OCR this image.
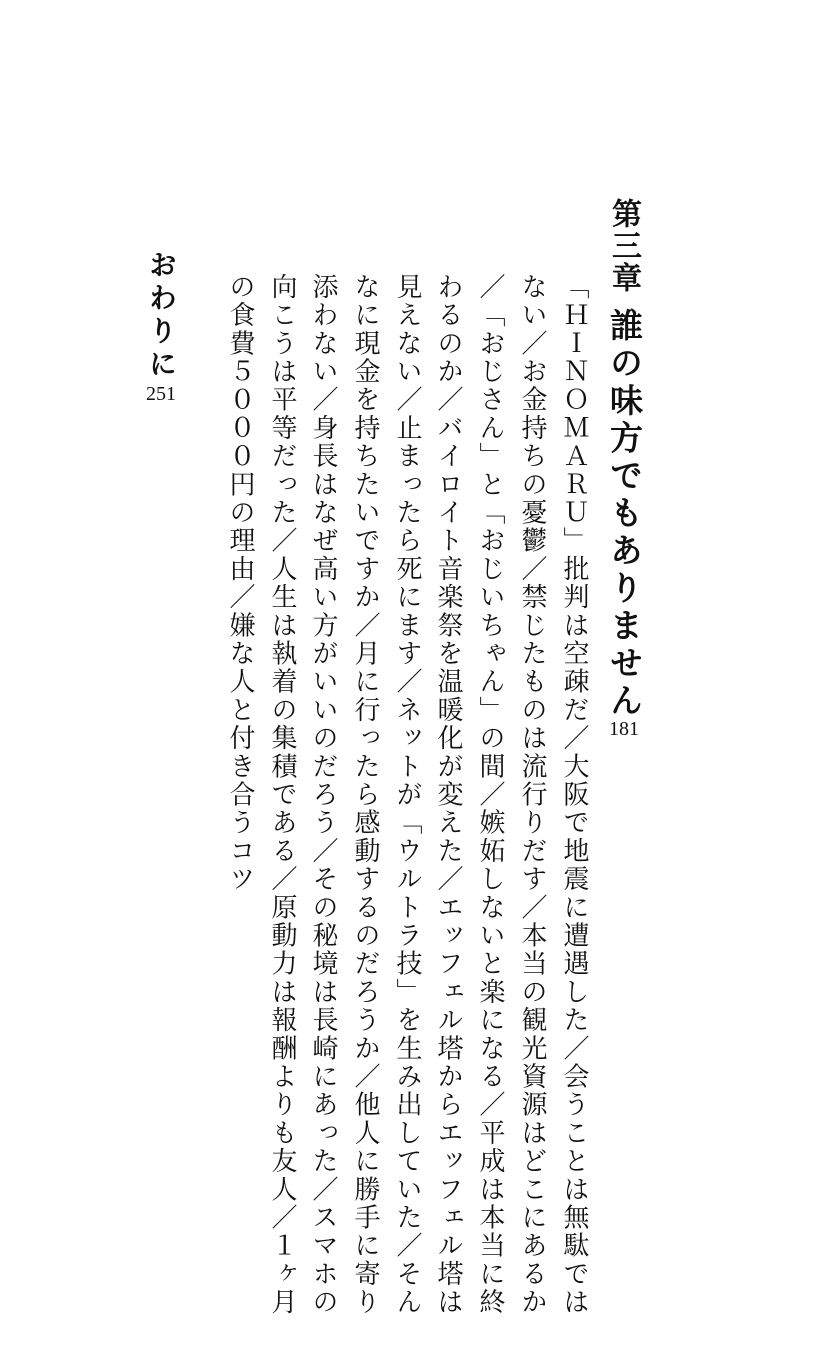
第三章
誰の味方でもありません
181
「ＨＩＮＯＭＡＲＵ」批判は空疎だ／大阪で地震に遭遇した／会うことは無駄では
ない／お金持ちの憂鬱／禁じたものは流行りだす／本当の観光資源はどこにあるか
／「おじさん」と「おじいちゃん」の間／嫉妬しないと楽になる／平成は本当に終
わるのか／バイロイト音楽祭を温暖化が変えた／エッフェル塔からエッフェル塔は
見えない／止まったら死にます／ネットが「ウルトラ技」を生み出していた／そん
なに現金を持ちたいですか／月に行ったら感動するのだろうか／他人に勝手に寄り
添わない／身長はなぜ高い方がいいのだろう／その秘境は長崎にあった／スマホの
向こうは平等だった／人生は執着の集積である／原動力は報酬よりも友人／１ヶ月
の食費５０００円の理由／嫌な人と付き合うコツ
おわりに
251
